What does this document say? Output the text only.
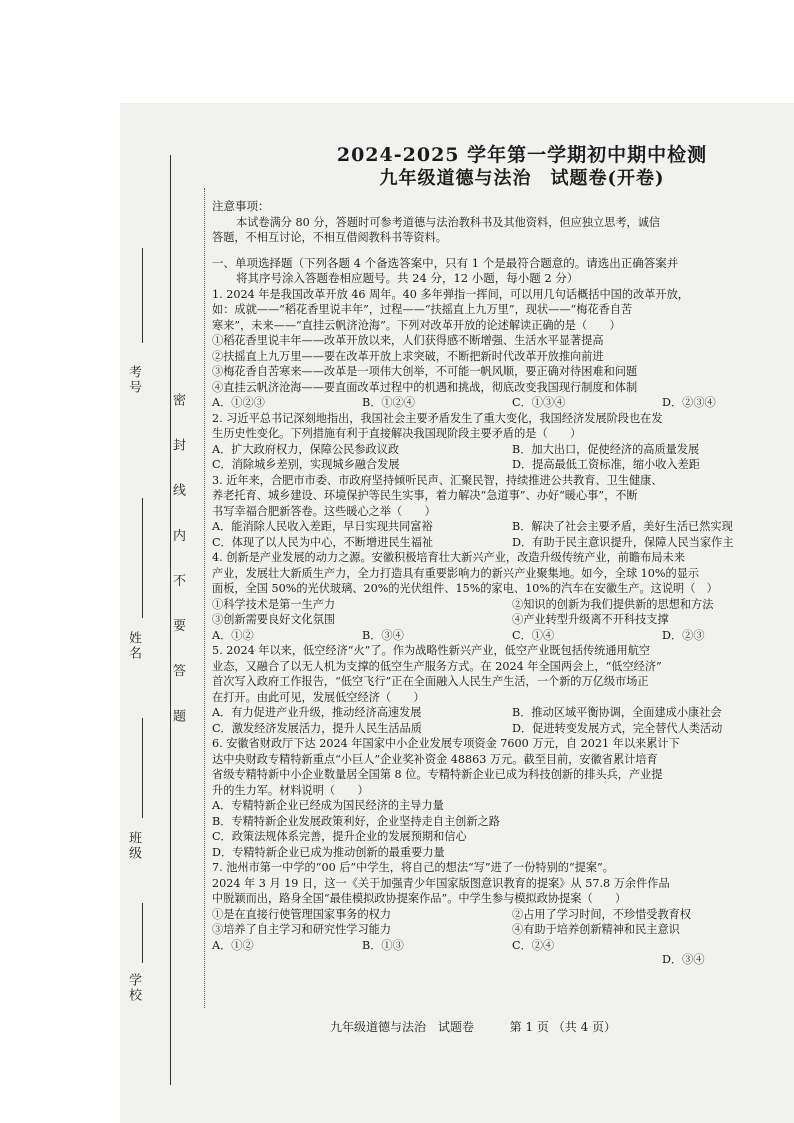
考号
姓名
班级
学校
密 封 线 内 不 要 答 题
2024-2025 学年第一学期初中期中检测
九年级道德与法治　试题卷(开卷)
注意事项：

本试卷满分 80 分，答题时可参考道德与法治教科书及其他资料，但应独立思考，诚信

答题，不相互讨论，不相互借阅教科书等资料。

一、单项选择题（下列各题 4 个备选答案中，只有 1 个是最符合题意的。请选出正确答案并

将其序号涂入答题卷相应题号。共 24 分，12 小题，每小题 2 分）

1. 2024 年是我国改革开放 46 周年。40 多年弹指一挥间，可以用几句话概括中国的改革开放，

如：成就——“稻花香里说丰年”，过程——“扶摇直上九万里”，现状——“梅花香自苦

寒来”，未来——“直挂云帆济沧海”。下列对改革开放的论述解读正确的是（　　）

①稻花香里说丰年——改革开放以来，人们获得感不断增强、生活水平显著提高

②扶摇直上九万里——要在改革开放上求突破，不断把新时代改革开放推向前进

③梅花香自苦寒来——改革是一项伟大创举，不可能一帆风顺，要正确对待困难和问题

④直挂云帆济沧海——要直面改革过程中的机遇和挑战，彻底改变我国现行制度和体制

A．①②③	B．①②④	C．①③④	D．②③④

2. 习近平总书记深刻地指出，我国社会主要矛盾发生了重大变化，我国经济发展阶段也在发

生历史性变化。下列措施有利于直接解决我国现阶段主要矛盾的是（　　）

A．扩大政府权力，保障公民参政议政	B．加大出口，促使经济的高质量发展
C．消除城乡差别，实现城乡融合发展	D．提高最低工资标准，缩小收入差距

3. 近年来，合肥市市委、市政府坚持倾听民声、汇聚民智，持续推进公共教育、卫生健康、

养老托育、城乡建设、环境保护等民生实事，着力解决“急道事”、办好“暖心事”，不断

书写幸福合肥新答卷。这些暖心之举（　　）

A．能消除人民收入差距，早日实现共同富裕	B．解决了社会主要矛盾，美好生活已然实现
C．体现了以人民为中心，不断增进民生福祉	D．有助于民主意识提升，保障人民当家作主

4. 创新是产业发展的动力之源。安徽积极培育壮大新兴产业，改造升级传统产业，前瞻布局未来

产业，发展壮大新质生产力，全力打造具有重要影响力的新兴产业聚集地。如今，全球 10%的显示

面板，全国 50%的光伏玻璃、20%的光伏组件、15%的家电、10%的汽车在安徽生产。这说明（　）

①科学技术是第一生产力	②知识的创新为我们提供新的思想和方法
③创新需要良好文化氛围	④产业转型升级离不开科技支撑
A．①②	B．③④	C．①④	D．②③

5. 2024 年以来，低空经济“火”了。作为战略性新兴产业，低空产业既包括传统通用航空

业态，又融合了以无人机为支撑的低空生产服务方式。在 2024 年全国两会上，“低空经济”

首次写入政府工作报告，“低空飞行”正在全面融入人民生产生活，一个新的万亿级市场正

在打开。由此可见，发展低空经济（　　）

A．有力促进产业升级，推动经济高速发展	B．推动区域平衡协调，全面建成小康社会
C．激发经济发展活力，提升人民生活品质	D．促进转变发展方式，完全替代人类活动

6. 安徽省财政厅下达 2024 年国家中小企业发展专项资金 7600 万元，自 2021 年以来累计下

达中央财政专精特新重点“小巨人”企业奖补资金 48863 万元。截至目前，安徽省累计培育

省级专精特新中小企业数量居全国第 8 位。专精特新企业已成为科技创新的排头兵，产业提

升的生力军。材料说明（　　）

A．专精特新企业已经成为国民经济的主导力量

B．专精特新企业发展政策利好，企业坚持走自主创新之路

C．政策法规体系完善，提升企业的发展预期和信心

D．专精特新企业已成为推动创新的最重要力量

7. 池州市第一中学的“00 后”中学生，将自己的想法“写”进了一份特别的“提案”。

2024 年 3 月 19 日，这一《关于加强青少年国家版图意识教育的提案》从 57.8 万余件作品

中脱颖而出，路身全国“最佳模拟政协提案作品”。中学生参与模拟政协提案（　　）

①是在直接行使管理国家事务的权力	②占用了学习时间，不珍惜受教育权
③培养了自主学习和研究性学习能力	④有助于培养创新精神和民主意识
A．①②	B．①③	C．②④
D．③④
九年级道德与法治　试题卷	第 1 页 （共 4 页）
